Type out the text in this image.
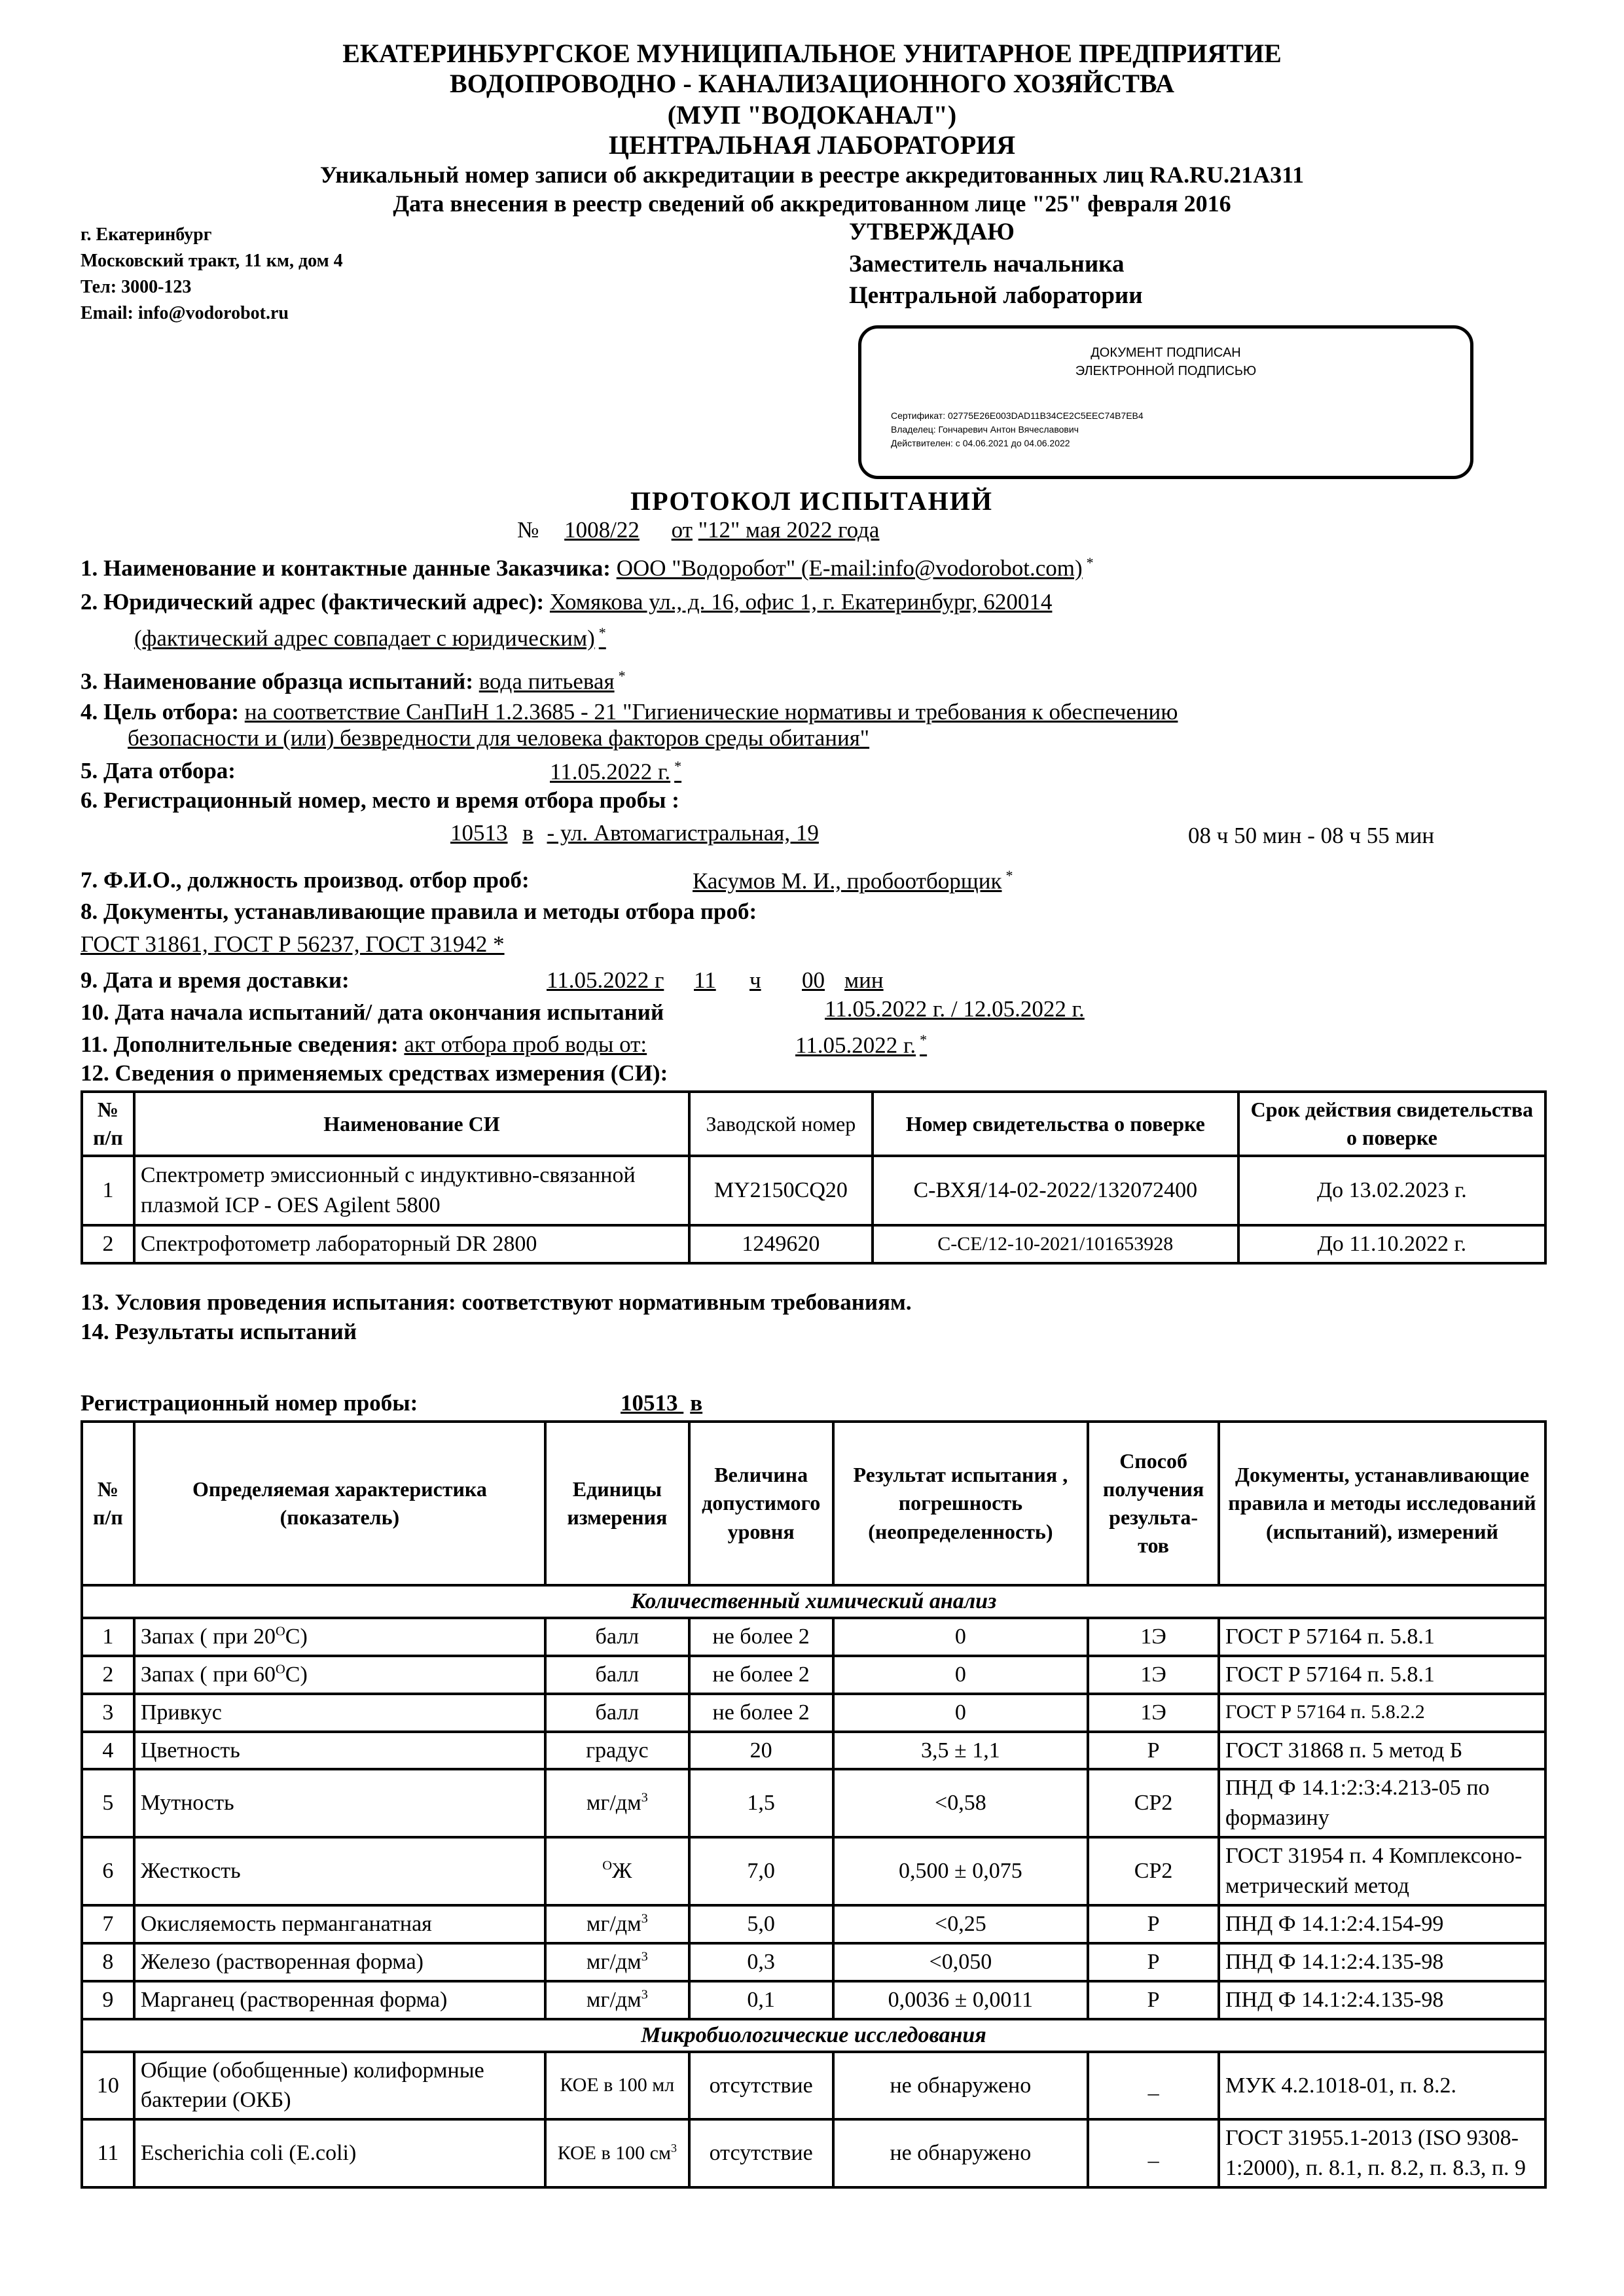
ЕКАТЕРИНБУРГСКОЕ МУНИЦИПАЛЬНОЕ УНИТАРНОЕ ПРЕДПРИЯТИЕ
ВОДОПРОВОДНО - КАНАЛИЗАЦИОННОГО ХОЗЯЙСТВА
(МУП "ВОДОКАНАЛ")
ЦЕНТРАЛЬНАЯ ЛАБОРАТОРИЯ
Уникальный номер записи об аккредитации в реестре аккредитованных лиц RA.RU.21A311
Дата внесения в реестр сведений об аккредитованном лице "25" февраля 2016
г. Екатеринбург
Московский тракт, 11 км, дом 4
Тел: 3000-123
Email: info@vodorobot.ru
УТВЕРЖДАЮ
Заместитель начальника
Центральной лаборатории
ДОКУМЕНТ ПОДПИСАН
ЭЛЕКТРОННОЙ ПОДПИСЬЮ
Сертификат: 02775E26E003DAD11B34CE2C5EEC74B7EB4
Владелец: Гончаревич Антон Вячеславович
Действителен: с 04.06.2021 до 04.06.2022
ПРОТОКОЛ ИСПЫТАНИЙ
№ 1008/22 от "12" мая 2022 года
1. Наименование и контактные данные Заказчика: ООО "Водоробот" (E-mail:info@vodorobot.com) *
2. Юридический адрес (фактический адрес): Хомякова ул., д. 16, офис 1, г. Екатеринбург, 620014
(фактический адрес совпадает с юридическим) *
3. Наименование образца испытаний: вода питьевая *
4. Цель отбора: на соответствие СанПиН 1.2.3685 - 21 "Гигиенические нормативы и требования к обеспечению
безопасности и (или) безвредности для человека факторов среды обитания"
5. Дата отбора:	11.05.2022 г. *
6. Регистрационный номер, место и время отбора пробы :
10513 в - ул. Автомагистральная, 19	08 ч 50 мин - 08 ч 55 мин
7. Ф.И.О., должность производ. отбор проб:	Касумов М. И., пробоотборщик *
8. Документы, устанавливающие правила и методы отбора проб:
ГОСТ 31861, ГОСТ Р 56237, ГОСТ 31942 *
9. Дата и время доставки:	11.05.2022 г 11 ч 00 мин
10. Дата начала испытаний/ дата окончания испытаний	11.05.2022 г. / 12.05.2022 г.
11. Дополнительные сведения: акт отбора проб воды от:	11.05.2022 г. *
12. Сведения о применяемых средствах измерения (СИ):
№ п/п	Наименование СИ	Заводской номер	Номер свидетельства о поверке	Срок действия свидетельства о поверке
1	Спектрометр эмиссионный с индуктивно-связанной плазмой ICP - OES Agilent 5800	MY2150CQ20	С-ВХЯ/14-02-2022/132072400	До 13.02.2023 г.
2	Спектрофотометр лабораторный DR 2800	1249620	С-СЕ/12-10-2021/101653928	До 11.10.2022 г.
13. Условия проведения испытания: соответствуют нормативным требованиям.
14. Результаты испытаний
Регистрационный номер пробы:	10513 в
№ п/п	Определяемая характеристика (показатель)	Единицы измерения	Величина допустимого уровня	Результат испытания , погрешность (неопределенность)	Способ получения результа-тов	Документы, устанавливающие правила и методы исследований (испытаний), измерений
Количественный химический анализ						
1	Запах ( при $20^ОС$)	балл	не более 2	0	1Э	ГОСТ Р 57164 п. 5.8.1
2	Запах ( при $60^ОС$)	балл	не более 2	0	1Э	ГОСТ Р 57164 п. 5.8.1
3	Привкус	балл	не более 2	0	1Э	ГОСТ Р 57164 п. 5.8.2.2
4	Цветность	градус	20	3,5 ± 1,1	Р	ГОСТ 31868 п. 5 метод Б
5	Мутность	$мг/дм^3$	1,5	<0,58	СР2	ПНД Ф 14.1:2:3:4.213-05 по формазину
6	Жесткость	$^О$Ж	7,0	0,500 ± 0,075	СР2	ГОСТ 31954 п. 4 Комплексоно-метрический метод
7	Окисляемость перманганатная	$мг/дм^3$	5,0	<0,25	Р	ПНД Ф 14.1:2:4.154-99
8	Железо (растворенная форма)	$мг/дм^3$	0,3	<0,050	Р	ПНД Ф 14.1:2:4.135-98
9	Марганец (растворенная форма)	$мг/дм^3$	0,1	0,0036 ± 0,0011	Р	ПНД Ф 14.1:2:4.135-98
Микробиологические исследования						
10	Общие (обобщенные) колиформные бактерии (ОКБ)	КОЕ в 100 мл	отсутствие	не обнаружено	_	МУК 4.2.1018-01, п. 8.2.
11	Escherichia coli (E.coli)	КОЕ в 100 $см^3$	отсутствие	не обнаружено	_	ГОСТ 31955.1-2013 (ISO 9308-1:2000), п. 8.1, п. 8.2, п. 8.3, п. 9
